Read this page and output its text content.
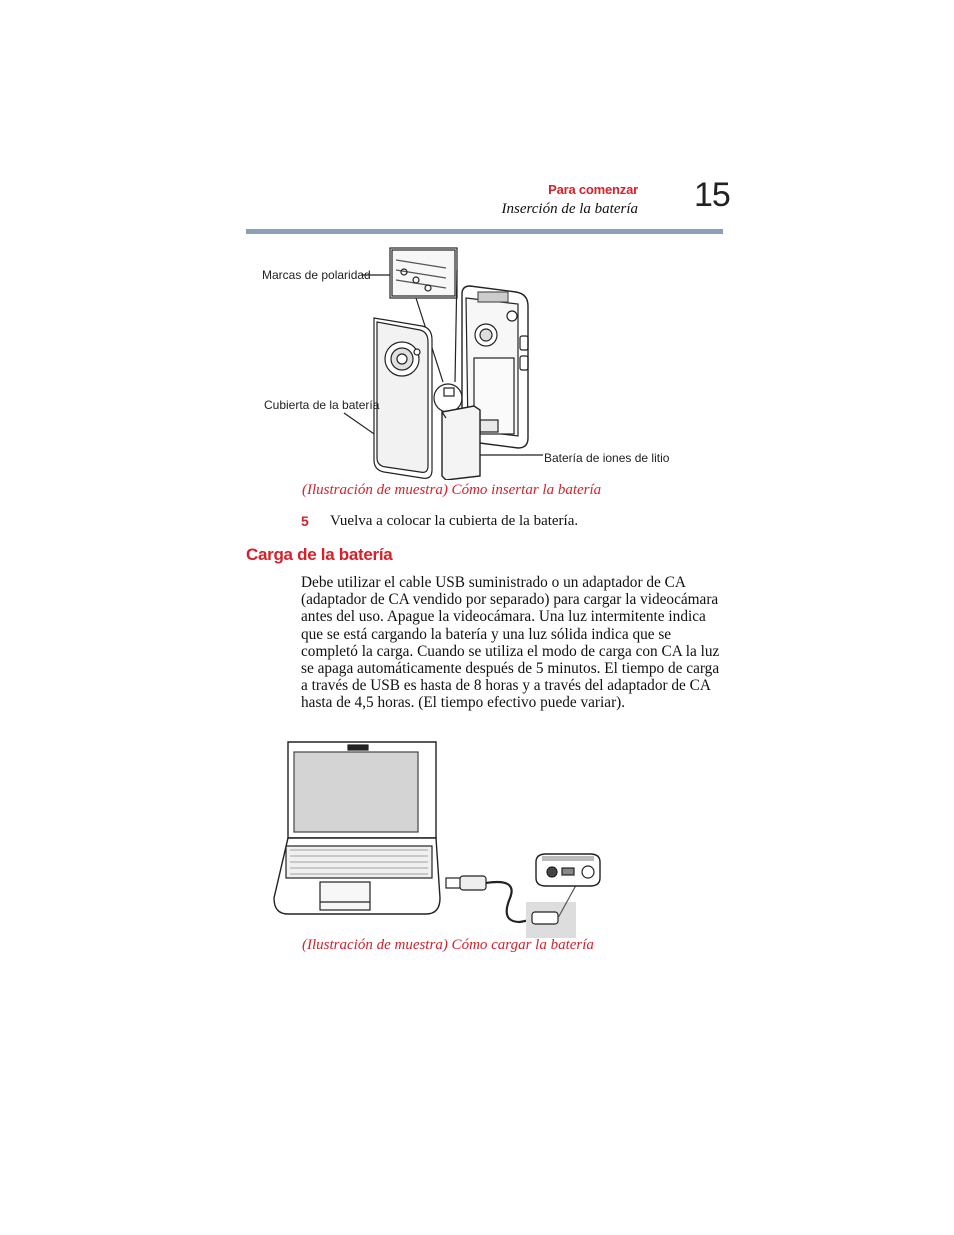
Para comenzar
Inserción de la batería 15
Marcas de polaridad
Cubierta de la batería
Batería de iones de litio
(Ilustración de muestra) Cómo insertar la batería
5 Vuelva a colocar la cubierta de la batería.
Carga de la batería
Debe utilizar el cable USB suministrado o un adaptador de CA (adaptador de CA vendido por separado) para cargar la videocámara antes del uso. Apague la videocámara. Una luz intermitente indica que se está cargando la batería y una luz sólida indica que se completó la carga. Cuando se utiliza el modo de carga con CA la luz se apaga automáticamente después de 5 minutos. El tiempo de carga a través de USB es hasta de 8 horas y a través del adaptador de CA hasta de 4,5 horas. (El tiempo efectivo puede variar).
(Ilustración de muestra) Cómo cargar la batería
